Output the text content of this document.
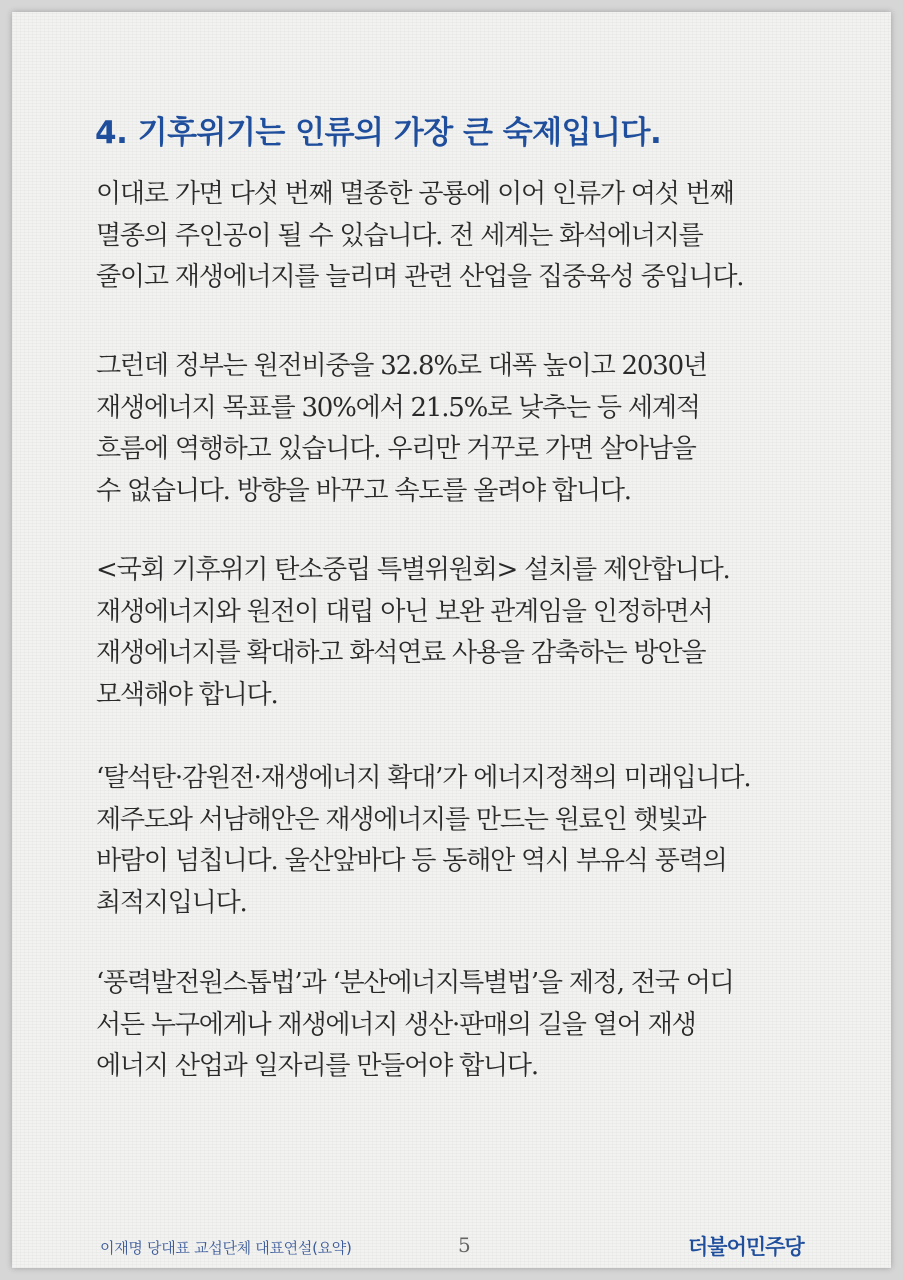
4. 기후위기는 인류의 가장 큰 숙제입니다.

이대로 가면 다섯 번째 멸종한 공룡에 이어 인류가 여섯 번째
멸종의 주인공이 될 수 있습니다. 전 세계는 화석에너지를
줄이고 재생에너지를 늘리며 관련 산업을 집중육성 중입니다.

그런데 정부는 원전비중을 32.8%로 대폭 높이고 2030년
재생에너지 목표를 30%에서 21.5%로 낮추는 등 세계적
흐름에 역행하고 있습니다. 우리만 거꾸로 가면 살아남을
수 없습니다. 방향을 바꾸고 속도를 올려야 합니다.

<국회 기후위기 탄소중립 특별위원회> 설치를 제안합니다.
재생에너지와 원전이 대립 아닌 보완 관계임을 인정하면서
재생에너지를 확대하고 화석연료 사용을 감축하는 방안을
모색해야 합니다.

‘탈석탄·감원전·재생에너지 확대’가 에너지정책의 미래입니다.
제주도와 서남해안은 재생에너지를 만드는 원료인 햇빛과
바람이 넘칩니다. 울산앞바다 등 동해안 역시 부유식 풍력의
최적지입니다.

‘풍력발전원스톱법’과 ‘분산에너지특별법’을 제정, 전국 어디
서든 누구에게나 재생에너지 생산·판매의 길을 열어 재생
에너지 산업과 일자리를 만들어야 합니다.

이재명 당대표 교섭단체 대표연설(요약)	5	더불어민주당
